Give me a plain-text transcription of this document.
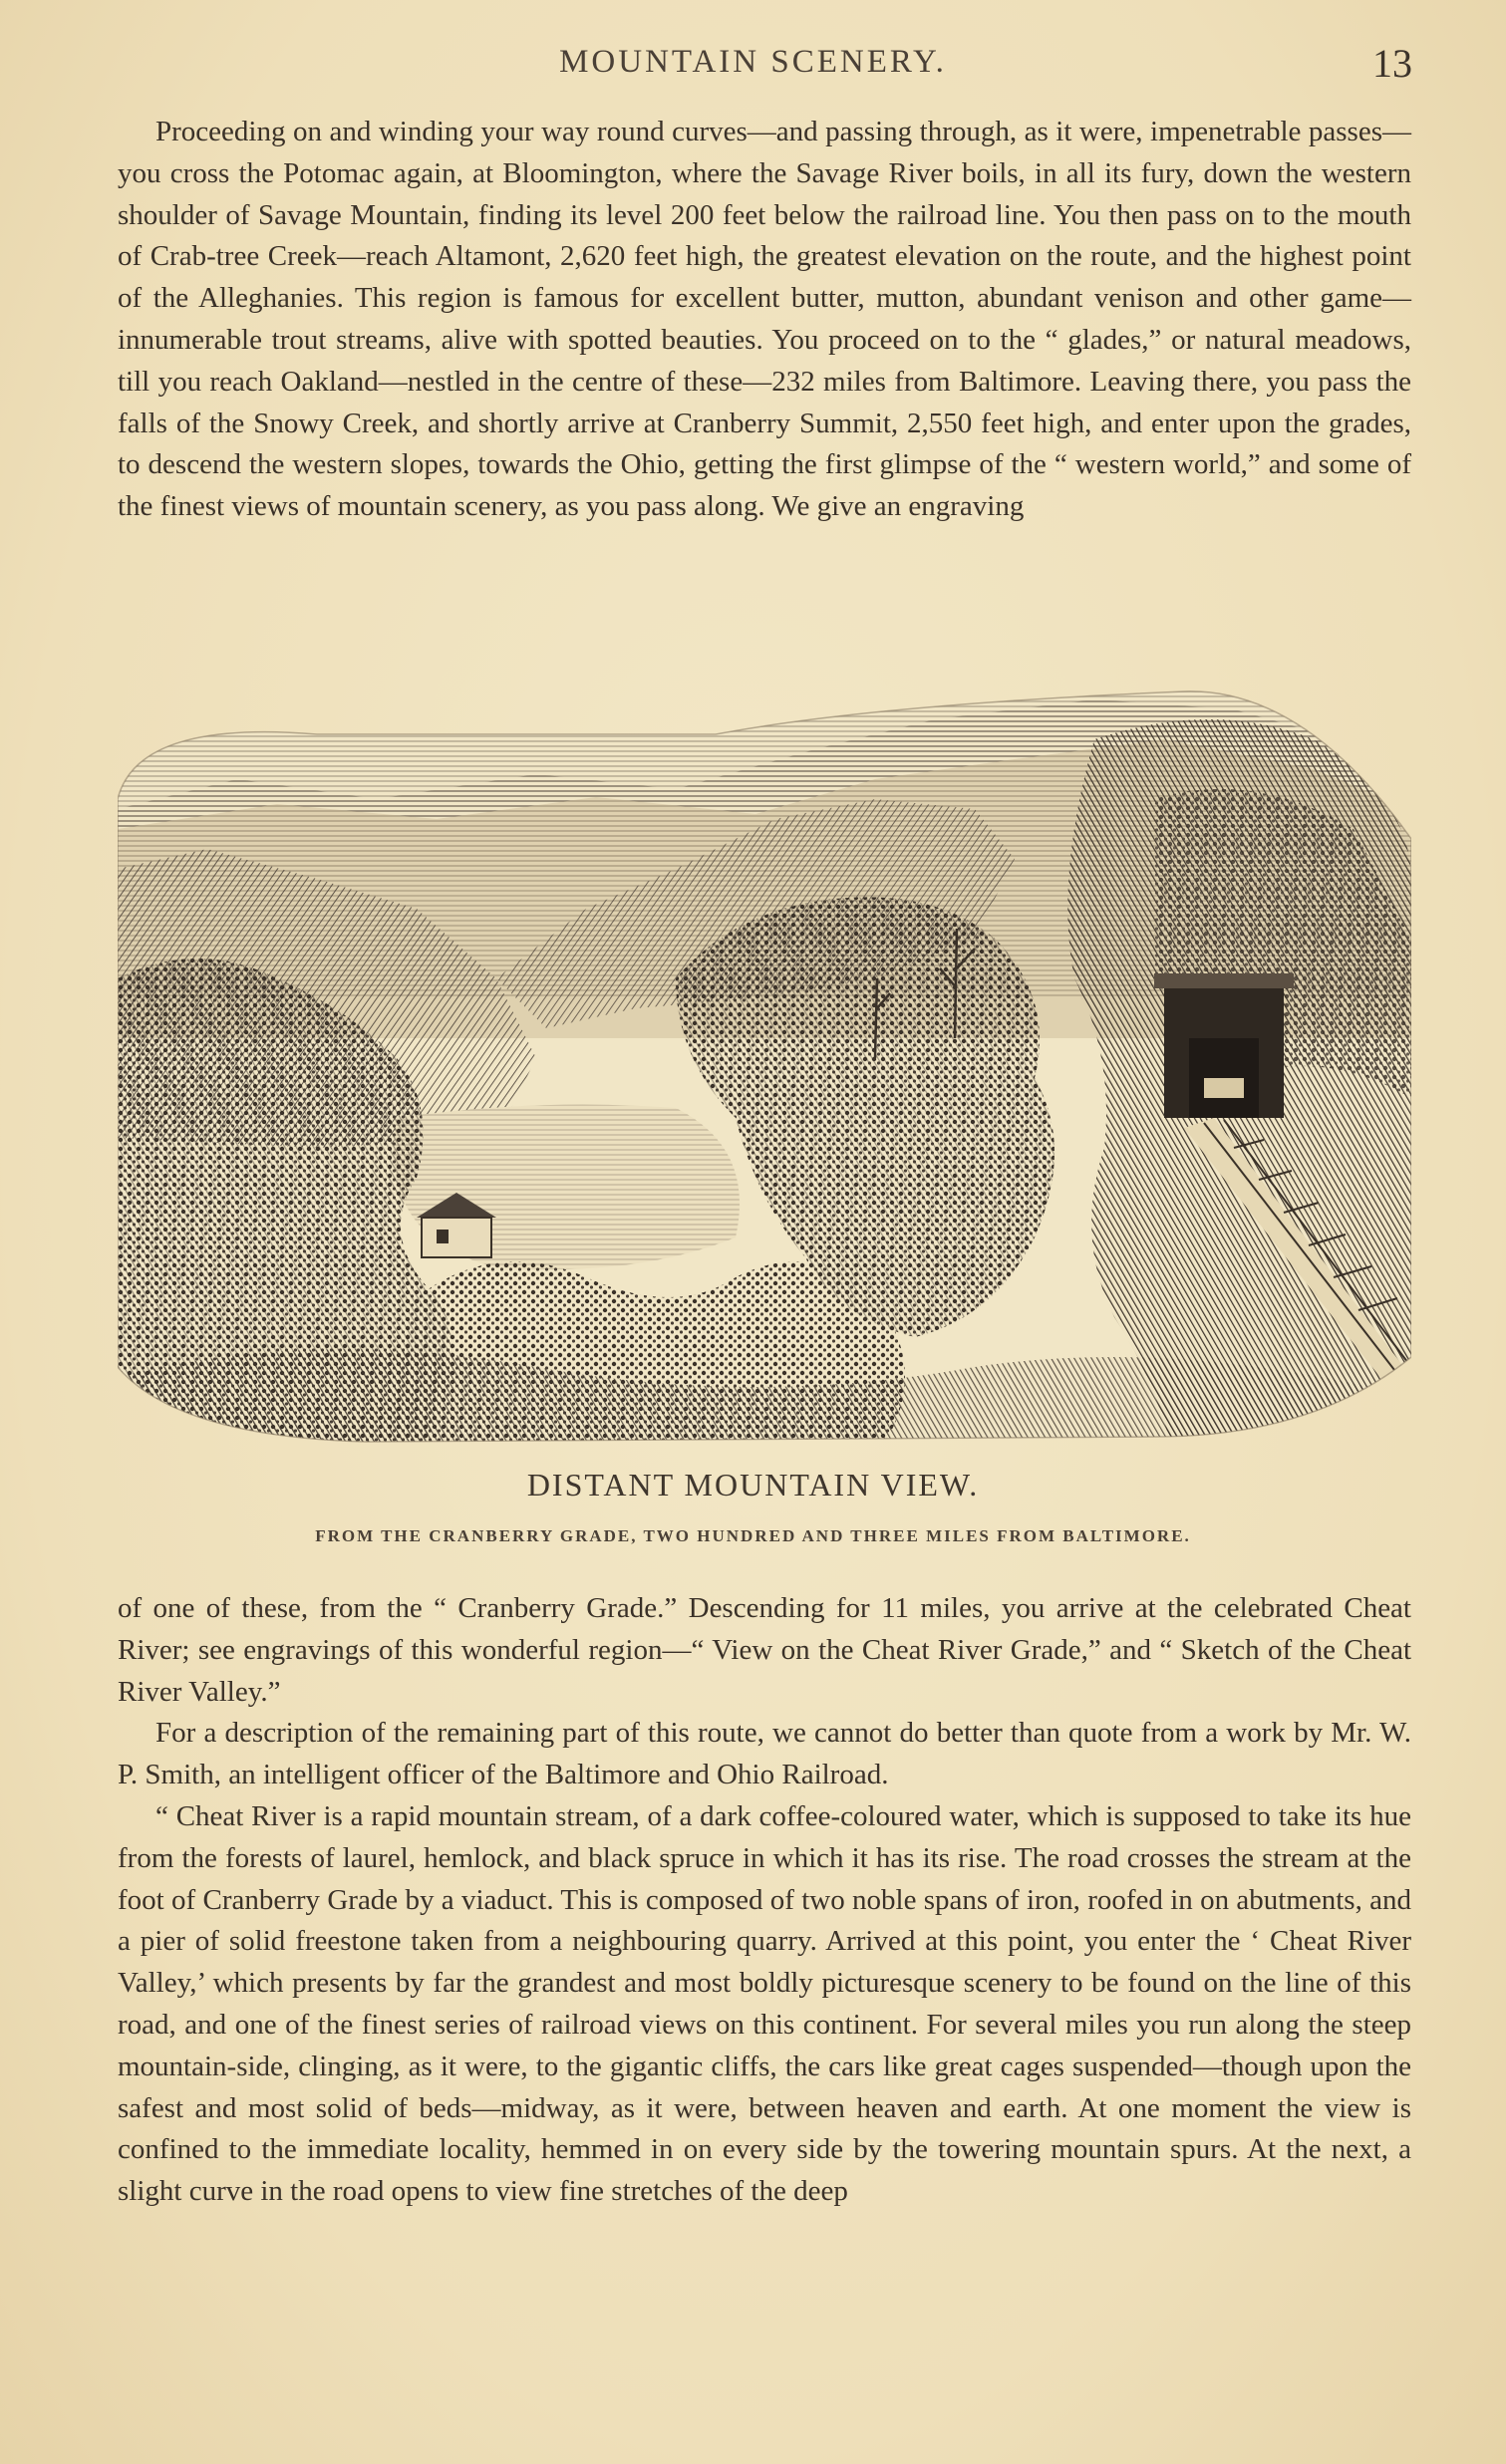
MOUNTAIN SCENERY.	13

Proceeding on and winding your way round curves—and passing through, as it were, impenetrable passes—you cross the Potomac again, at Bloomington, where the Savage River boils, in all its fury, down the western shoulder of Savage Mountain, finding its level 200 feet below the railroad line. You then pass on to the mouth of Crab-tree Creek—reach Altamont, 2,620 feet high, the greatest elevation on the route, and the highest point of the Alleghanies. This region is famous for excellent butter, mutton, abundant venison and other game—innumerable trout streams, alive with spotted beauties. You proceed on to the “ glades,” or natural meadows, till you reach Oakland—nestled in the centre of these—232 miles from Baltimore. Leaving there, you pass the falls of the Snowy Creek, and shortly arrive at Cranberry Summit, 2,550 feet high, and enter upon the grades, to descend the western slopes, towards the Ohio, getting the first glimpse of the “ western world,” and some of the finest views of mountain scenery, as you pass along. We give an engraving

DISTANT MOUNTAIN VIEW.
FROM THE CRANBERRY GRADE, TWO HUNDRED AND THREE MILES FROM BALTIMORE.

of one of these, from the “ Cranberry Grade.” Descending for 11 miles, you arrive at the celebrated Cheat River; see engravings of this wonderful region—“ View on the Cheat River Grade,” and “ Sketch of the Cheat River Valley.”

For a description of the remaining part of this route, we cannot do better than quote from a work by Mr. W. P. Smith, an intelligent officer of the Baltimore and Ohio Railroad.

“ Cheat River is a rapid mountain stream, of a dark coffee-coloured water, which is supposed to take its hue from the forests of laurel, hemlock, and black spruce in which it has its rise. The road crosses the stream at the foot of Cranberry Grade by a viaduct. This is composed of two noble spans of iron, roofed in on abutments, and a pier of solid freestone taken from a neighbouring quarry. Arrived at this point, you enter the ‘ Cheat River Valley,’ which presents by far the grandest and most boldly picturesque scenery to be found on the line of this road, and one of the finest series of railroad views on this continent. For several miles you run along the steep mountain-side, clinging, as it were, to the gigantic cliffs, the cars like great cages suspended—though upon the safest and most solid of beds—midway, as it were, between heaven and earth. At one moment the view is confined to the immediate locality, hemmed in on every side by the towering mountain spurs. At the next, a slight curve in the road opens to view fine stretches of the deep
